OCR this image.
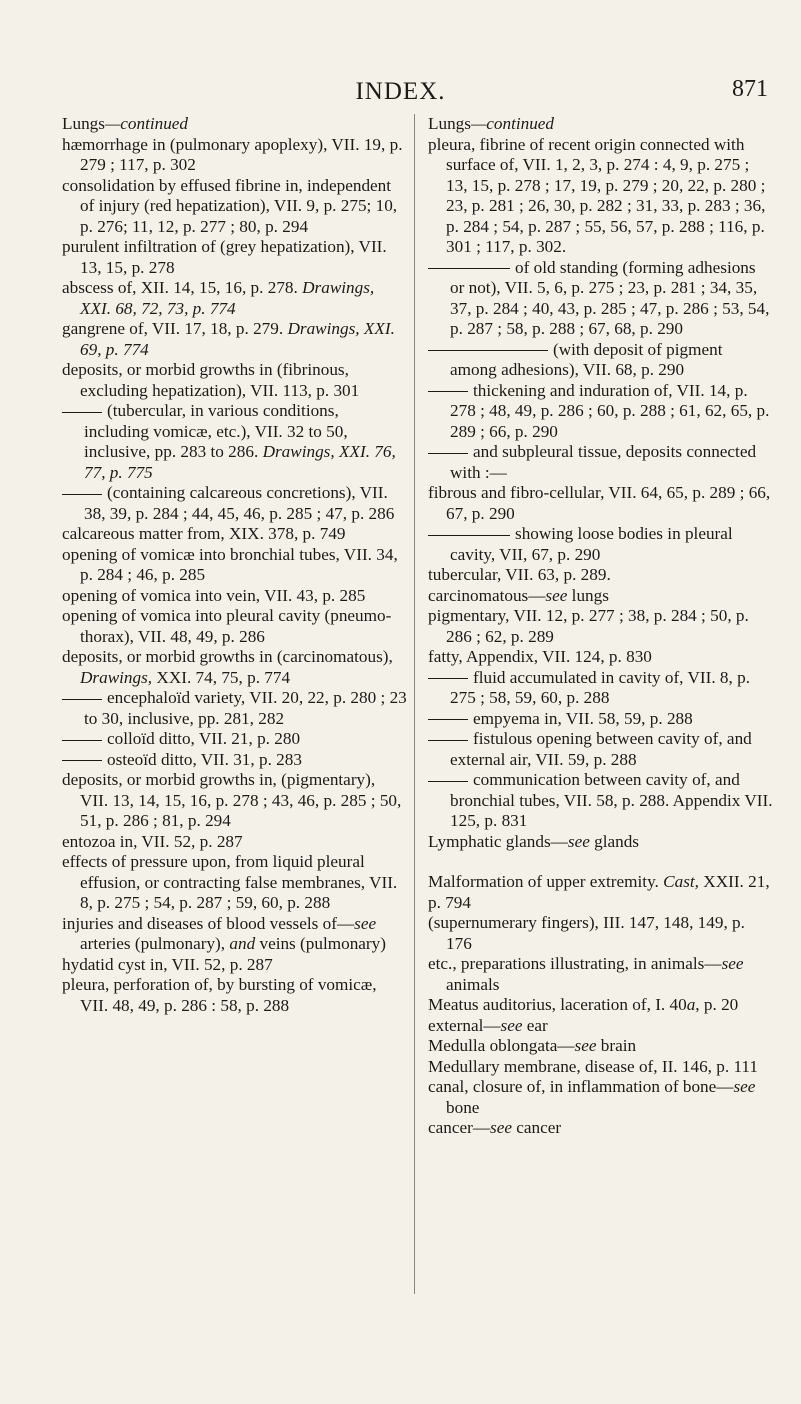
INDEX.	871

Lungs—continued

hæmorrhage in (pulmonary apoplexy), VII. 19, p. 279 ; 117, p. 302

consolidation by effused fibrine in, independent of injury (red hepatization), VII. 9, p. 275; 10, p. 276; 11, 12, p. 277 ; 80, p. 294

purulent infiltration of (grey hepatization), VII. 13, 15, p. 278

abscess of, XII. 14, 15, 16, p. 278. Drawings, XXI. 68, 72, 73, p. 774

gangrene of, VII. 17, 18, p. 279. Drawings, XXI. 69, p. 774

deposits, or morbid growths in (fibrinous, excluding hepatization), VII. 113, p. 301

(tubercular, in various conditions, including vomicæ, etc.), VII. 32 to 50, inclusive, pp. 283 to 286. Drawings, XXI. 76, 77, p. 775

(containing calcareous concretions), VII. 38, 39, p. 284 ; 44, 45, 46, p. 285 ; 47, p. 286

calcareous matter from, XIX. 378, p. 749

opening of vomicæ into bronchial tubes, VII. 34, p. 284 ; 46, p. 285

opening of vomica into vein, VII. 43, p. 285

opening of vomica into pleural cavity (pneumo-thorax), VII. 48, 49, p. 286

deposits, or morbid growths in (carcinomatous), Drawings, XXI. 74, 75, p. 774

encephaloïd variety, VII. 20, 22, p. 280 ; 23 to 30, inclusive, pp. 281, 282

colloïd ditto, VII. 21, p. 280

osteoïd ditto, VII. 31, p. 283

deposits, or morbid growths in, (pigmentary), VII. 13, 14, 15, 16, p. 278 ; 43, 46, p. 285 ; 50, 51, p. 286 ; 81, p. 294

entozoa in, VII. 52, p. 287

effects of pressure upon, from liquid pleural effusion, or contracting false membranes, VII. 8, p. 275 ; 54, p. 287 ; 59, 60, p. 288

injuries and diseases of blood vessels of—see arteries (pulmonary), and veins (pulmonary)

hydatid cyst in, VII. 52, p. 287

pleura, perforation of, by bursting of vomicæ, VII. 48, 49, p. 286 : 58, p. 288

Lungs—continued

pleura, fibrine of recent origin connected with surface of, VII. 1, 2, 3, p. 274 : 4, 9, p. 275 ; 13, 15, p. 278 ; 17, 19, p. 279 ; 20, 22, p. 280 ; 23, p. 281 ; 26, 30, p. 282 ; 31, 33, p. 283 ; 36, p. 284 ; 54, p. 287 ; 55, 56, 57, p. 288 ; 116, p. 301 ; 117, p. 302.

of old standing (forming adhesions or not), VII. 5, 6, p. 275 ; 23, p. 281 ; 34, 35, 37, p. 284 ; 40, 43, p. 285 ; 47, p. 286 ; 53, 54, p. 287 ; 58, p. 288 ; 67, 68, p. 290

(with deposit of pigment among adhesions), VII. 68, p. 290

thickening and induration of, VII. 14, p. 278 ; 48, 49, p. 286 ; 60, p. 288 ; 61, 62, 65, p. 289 ; 66, p. 290

and subpleural tissue, deposits connected with :—

fibrous and fibro-cellular, VII. 64, 65, p. 289 ; 66, 67, p. 290

showing loose bodies in pleural cavity, VII, 67, p. 290

tubercular, VII. 63, p. 289.

carcinomatous—see lungs

pigmentary, VII. 12, p. 277 ; 38, p. 284 ; 50, p. 286 ; 62, p. 289

fatty, Appendix, VII. 124, p. 830

fluid accumulated in cavity of, VII. 8, p. 275 ; 58, 59, 60, p. 288

empyema in, VII. 58, 59, p. 288

fistulous opening between cavity of, and external air, VII. 59, p. 288

communication between cavity of, and bronchial tubes, VII. 58, p. 288. Appendix VII. 125, p. 831

Lymphatic glands—see glands

Malformation of upper extremity. Cast, XXII. 21, p. 794

(supernumerary fingers), III. 147, 148, 149, p. 176

etc., preparations illustrating, in animals—see animals

Meatus auditorius, laceration of, I. 40a, p. 20

external—see ear

Medulla oblongata—see brain

Medullary membrane, disease of, II. 146, p. 111

canal, closure of, in inflammation of bone—see bone

cancer—see cancer
